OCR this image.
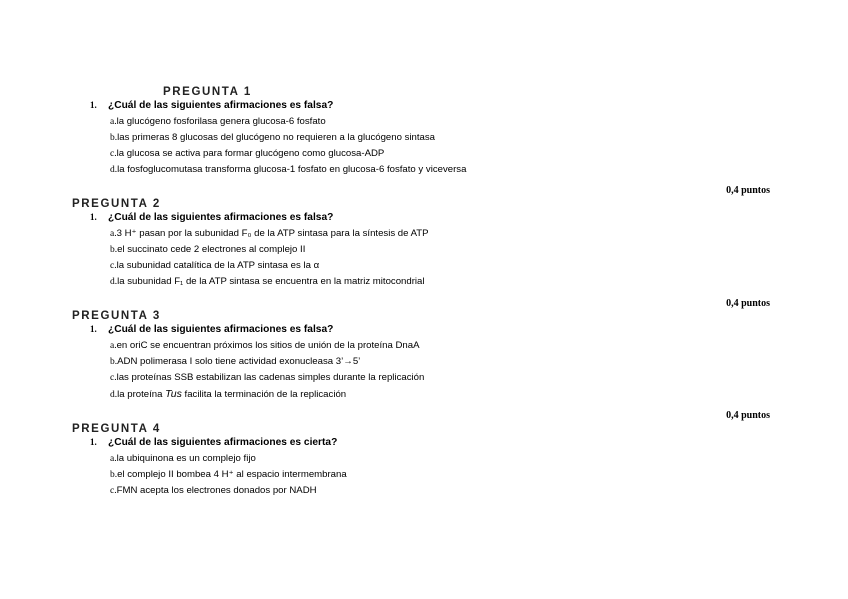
PREGUNTA 1
1. ¿Cuál de las siguientes afirmaciones es falsa?
a.la glucógeno fosforilasa genera glucosa-6 fosfato
b.las primeras 8 glucosas del glucógeno no requieren a la glucógeno sintasa
c.la glucosa se activa para formar glucógeno como glucosa-ADP
d.la fosfoglucomutasa transforma glucosa-1 fosfato en glucosa-6 fosfato y viceversa
0,4 puntos
PREGUNTA 2
1. ¿Cuál de las siguientes afirmaciones es falsa?
a.3 H⁺ pasan por la subunidad F₀ de la ATP sintasa para la síntesis de ATP
b.el succinato cede 2 electrones al complejo II
c.la subunidad catalítica de la ATP sintasa es la α
d.la subunidad F₁ de la ATP sintasa se encuentra en la matriz mitocondrial
0,4 puntos
PREGUNTA 3
1. ¿Cuál de las siguientes afirmaciones es falsa?
a.en oriC se encuentran próximos los sitios de unión de la proteína DnaA
b.ADN polimerasa I solo tiene actividad exonucleasa 3’→5’
c.las proteínas SSB estabilizan las cadenas simples durante la replicación
d.la proteína Tus facilita la terminación de la replicación
0,4 puntos
PREGUNTA 4
1. ¿Cuál de las siguientes afirmaciones es cierta?
a.la ubiquinona es un complejo fijo
b.el complejo II bombea 4 H⁺ al espacio intermembrana
c.FMN acepta los electrones donados por NADH
